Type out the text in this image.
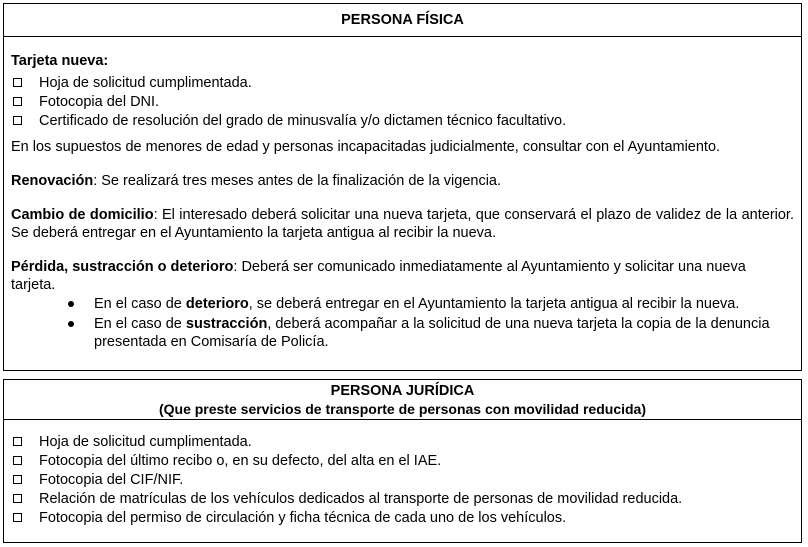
PERSONA FÍSICA

Tarjeta nueva:

Hoja de solicitud cumplimentada.
Fotocopia del DNI.
Certificado de resolución del grado de minusvalía y/o dictamen técnico facultativo.

En los supuestos de menores de edad y personas incapacitadas judicialmente, consultar con el Ayuntamiento.

Renovación: Se realizará tres meses antes de la finalización de la vigencia.

Cambio de domicilio: El interesado deberá solicitar una nueva tarjeta, que conservará el plazo de validez de la anterior. Se deberá entregar en el Ayuntamiento la tarjeta antigua al recibir la nueva.

Pérdida, sustracción o deterioro: Deberá ser comunicado inmediatamente al Ayuntamiento y solicitar una nueva tarjeta.

En el caso de deterioro, se deberá entregar en el Ayuntamiento la tarjeta antigua al recibir la nueva.
En el caso de sustracción, deberá acompañar a la solicitud de una nueva tarjeta la copia de la denuncia presentada en Comisaría de Policía.
PERSONA JURÍDICA
(Que preste servicios de transporte de personas con movilidad reducida)
Hoja de solicitud cumplimentada.
Fotocopia del último recibo o, en su defecto, del alta en el IAE.
Fotocopia del CIF/NIF.
Relación de matrículas de los vehículos dedicados al transporte de personas de movilidad reducida.
Fotocopia del permiso de circulación y ficha técnica de cada uno de los vehículos.
